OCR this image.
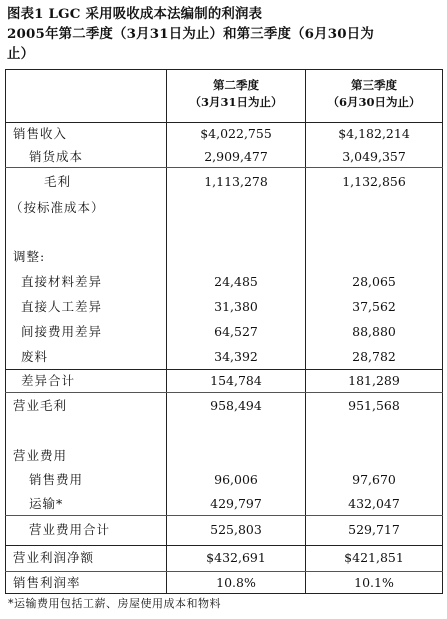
图表1 LGC 采用吸收成本法编制的利润表
2005年第二季度（3月31日为止）和第三季度（6月30日为
止）
第二季度
（3月31日为止）
第三季度
（6月30日为止）
销售收入
销货成本
毛利
（按标准成本）
调整:
直接材料差异
直接人工差异
间接费用差异
废料
差异合计
营业毛利
营业费用
销售费用
运输*
营业费用合计
营业利润净额
销售利润率
$4,022,755
2,909,477
1,113,278
24,485
31,380
64,527
34,392
154,784
958,494
96,006
429,797
525,803
$432,691
10.8%
$4,182,214
3,049,357
1,132,856
28,065
37,562
88,880
28,782
181,289
951,568
97,670
432,047
529,717
$421,851
10.1%
*运输费用包括工薪、房屋使用成本和物料
